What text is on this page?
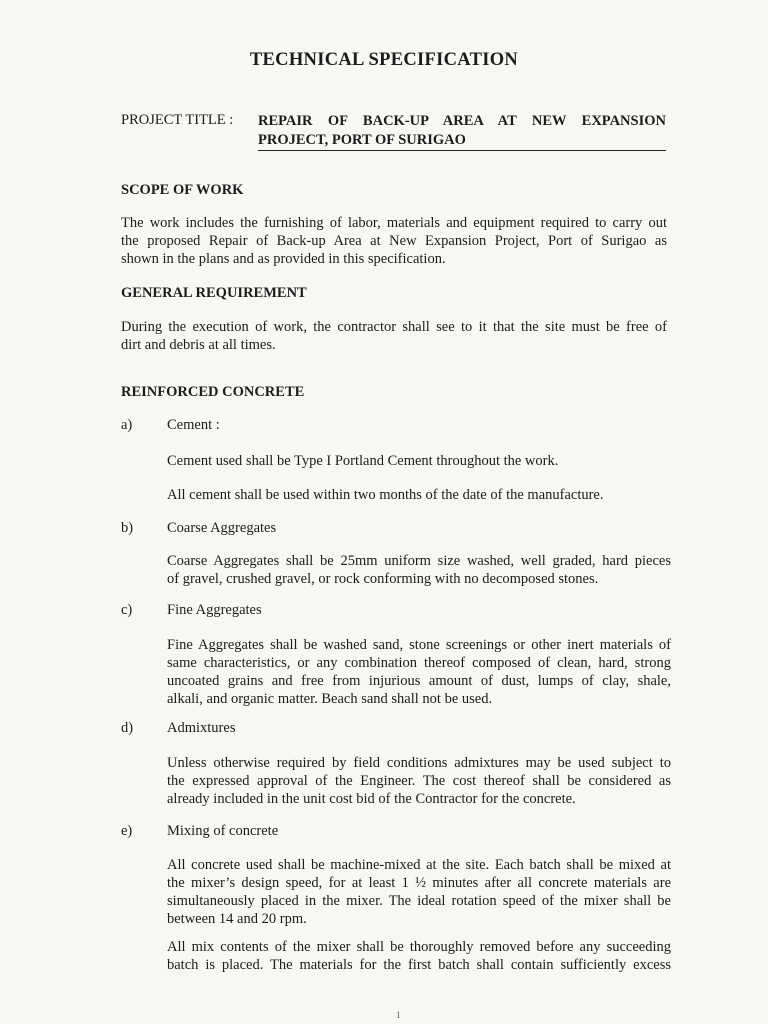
TECHNICAL SPECIFICATION
PROJECT TITLE : REPAIR OF BACK-UP AREA AT NEW EXPANSION
PROJECT, PORT OF SURIGAO
SCOPE OF WORK
The work includes the furnishing of labor, materials and equipment required to carry out
the proposed Repair of Back-up Area at New Expansion Project, Port of Surigao as
shown in the plans and as provided in this specification.
GENERAL REQUIREMENT
During the execution of work, the contractor shall see to it that the site must be free of
dirt and debris at all times.
REINFORCED CONCRETE
a) Cement :
Cement used shall be Type I Portland Cement throughout the work.
All cement shall be used within two months of the date of the manufacture.
b) Coarse Aggregates
Coarse Aggregates shall be 25mm uniform size washed, well graded, hard pieces
of gravel, crushed gravel, or rock conforming with no decomposed stones.
c) Fine Aggregates
Fine Aggregates shall be washed sand, stone screenings or other inert materials of
same characteristics, or any combination thereof composed of clean, hard, strong
uncoated grains and free from injurious amount of dust, lumps of clay, shale,
alkali, and organic matter. Beach sand shall not be used.
d) Admixtures
Unless otherwise required by field conditions admixtures may be used subject to
the expressed approval of the Engineer. The cost thereof shall be considered as
already included in the unit cost bid of the Contractor for the concrete.
e) Mixing of concrete
All concrete used shall be machine-mixed at the site. Each batch shall be mixed at
the mixer’s design speed, for at least 1 ½ minutes after all concrete materials are
simultaneously placed in the mixer. The ideal rotation speed of the mixer shall be
between 14 and 20 rpm.
All mix contents of the mixer shall be thoroughly removed before any succeeding
batch is placed. The materials for the first batch shall contain sufficiently excess
1
